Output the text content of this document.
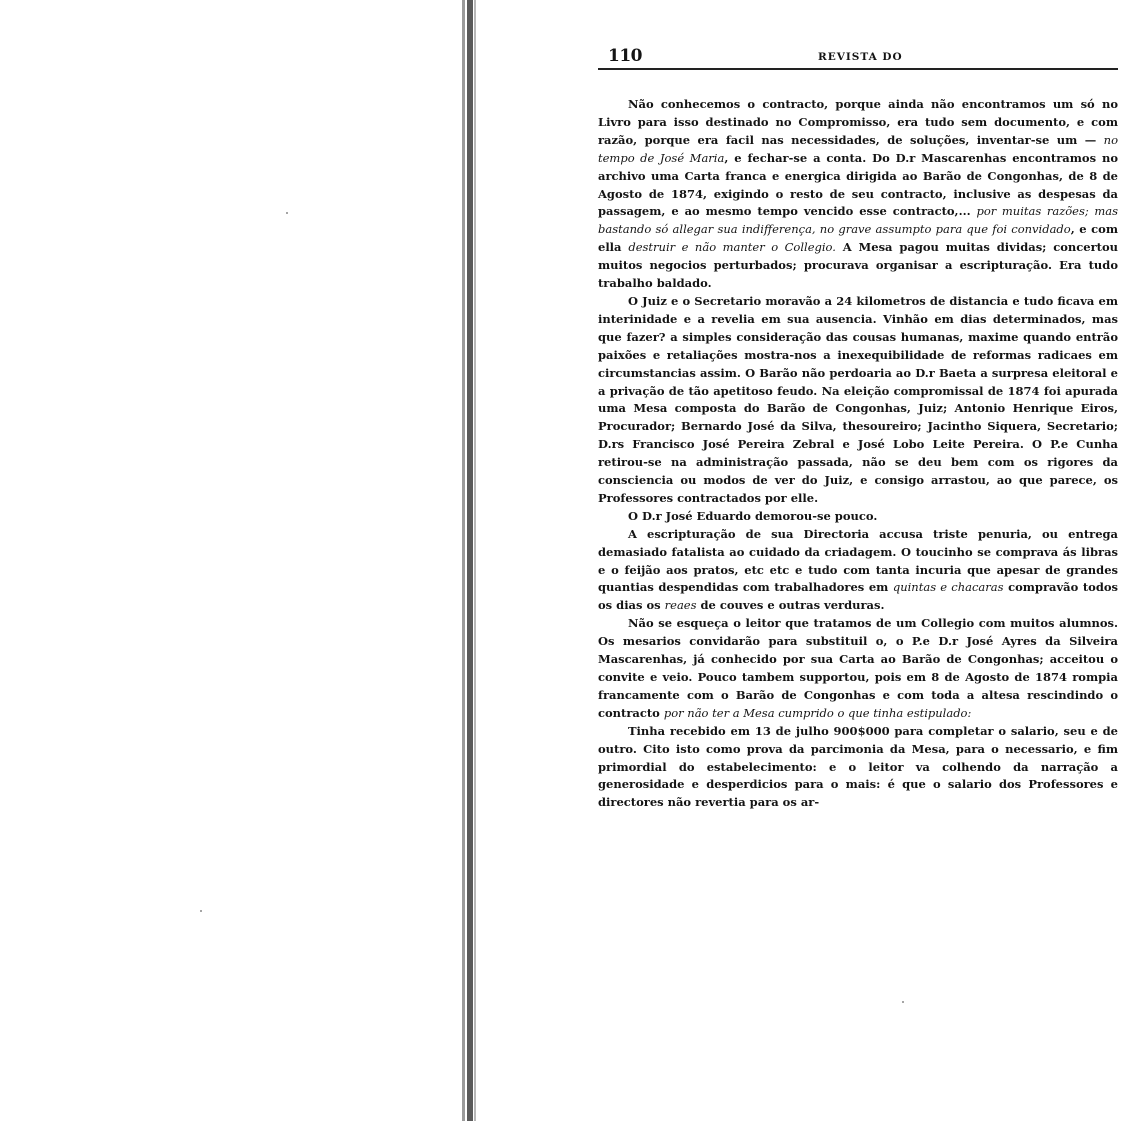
110	REVISTA DO

Não conhecemos o contracto, porque ainda não encontramos um só no Livro para isso destinado no Compromisso, era tudo sem documento, e com razão, porque era facil nas necessidades, de soluções, inventar-se um — no tempo de José Maria, e fechar-se a conta. Do D.r Mascarenhas encontramos no archivo uma Carta franca e energica dirigida ao Barão de Congonhas, de 8 de Agosto de 1874, exigindo o resto de seu contracto, inclusive as despesas da passagem, e ao mesmo tempo vencido esse contracto,... por muitas razões; mas bastando só allegar sua indifferença, no grave assumpto para que foi convidado, e com ella destruir e não manter o Collegio. A Mesa pagou muitas dividas; concertou muitos negocios perturbados; procurava organisar a escripturação. Era tudo trabalho baldado.

O Juiz e o Secretario moravão a 24 kilometros de distancia e tudo ficava em interinidade e a revelia em sua ausencia. Vinhão em dias determinados, mas que fazer? a simples consideração das cousas humanas, maxime quando entrão paixões e retaliações mostra-nos a inexequibilidade de reformas radicaes em circumstancias assim. O Barão não perdoaria ao D.r Baeta a surpresa eleitoral e a privação de tão apetitoso feudo. Na eleição compromissal de 1874 foi apurada uma Mesa composta do Barão de Congonhas, Juiz; Antonio Henrique Eiros, Procurador; Bernardo José da Silva, thesoureiro; Jacintho Siquera, Secretario; D.rs Francisco José Pereira Zebral e José Lobo Leite Pereira. O P.e Cunha retirou-se na administração passada, não se deu bem com os rigores da consciencia ou modos de ver do Juiz, e consigo arrastou, ao que parece, os Professores contractados por elle.

O D.r José Eduardo demorou-se pouco.

A escripturação de sua Directoria accusa triste penuria, ou entrega demasiado fatalista ao cuidado da criadagem. O toucinho se comprava ás libras e o feijão aos pratos, etc etc e tudo com tanta incuria que apesar de grandes quantias despendidas com trabalhadores em quintas e chacaras compravão todos os dias os reaes de couves e outras verduras.

Não se esqueça o leitor que tratamos de um Collegio com muitos alumnos. Os mesarios convidarão para substituil o, o P.e D.r José Ayres da Silveira Mascarenhas, já conhecido por sua Carta ao Barão de Congonhas; acceitou o convite e veio. Pouco tambem supportou, pois em 8 de Agosto de 1874 rompia francamente com o Barão de Congonhas e com toda a altesa rescindindo o contracto por não ter a Mesa cumprido o que tinha estipulado:

Tinha recebido em 13 de julho 900$000 para completar o salario, seu e de outro. Cito isto como prova da parcimonia da Mesa, para o necessario, e fim primordial do estabelecimento: e o leitor va colhendo da narração a generosidade e desperdicios para o mais: é que o salario dos Professores e directores não revertia para os ar-
